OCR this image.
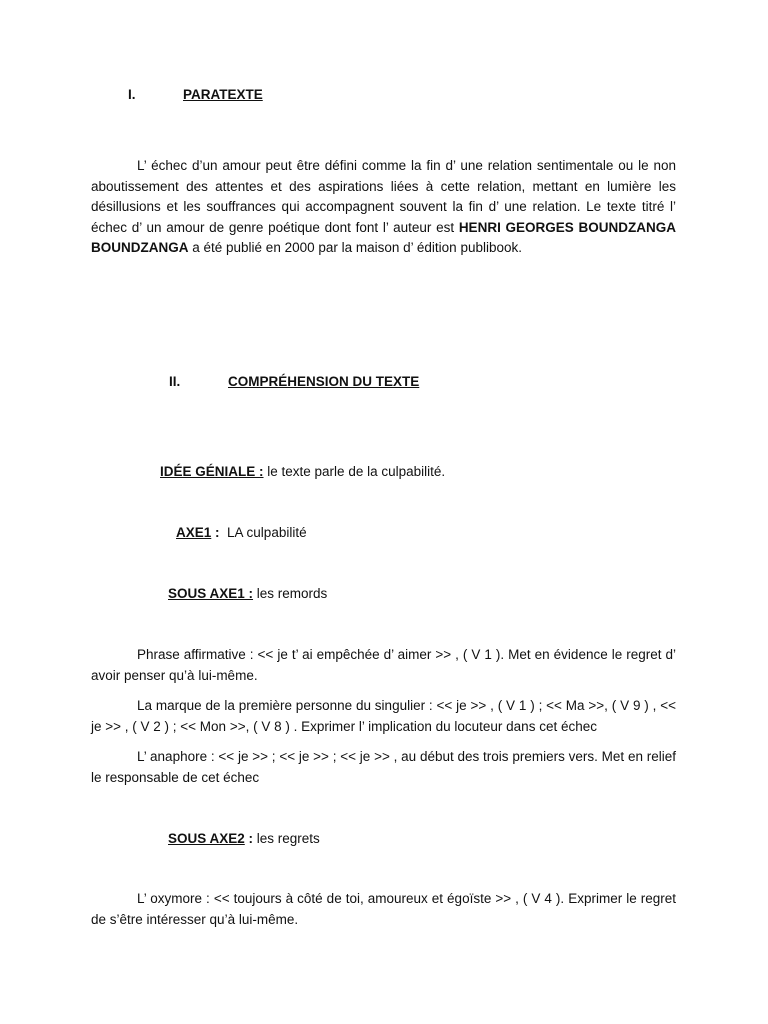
I.	PARATEXTE

L’ échec d’un amour peut être défini comme la fin d’ une relation sentimentale ou le non aboutissement des attentes et des aspirations liées à cette relation, mettant en lumière les désillusions et les souffrances qui accompagnent souvent la fin d’ une relation. Le texte titré l’ échec d’ un amour de genre poétique dont font l’ auteur est HENRI GEORGES BOUNDZANGA BOUNDZANGA a été publié en 2000 par la maison d’ édition publibook.

II.	COMPRÉHENSION DU TEXTE
IDÉE GÉNIALE : le texte parle de la culpabilité.
AXE1 :  LA culpabilité
SOUS AXE1 : les remords

Phrase affirmative : << je t’ ai empêchée d’ aimer >> , ( V 1 ). Met en évidence le regret d’ avoir penser qu’à lui-même.

La marque de la première personne du singulier : << je >> , ( V 1 ) ; << Ma >>, ( V 9 ) , << je >> , ( V 2 ) ; << Mon >>, ( V 8 ) . Exprimer l’ implication du locuteur dans cet échec

L’ anaphore : << je >> ; << je >> ; << je >> , au début des trois premiers vers. Met en relief le responsable de cet échec

SOUS AXE2 : les regrets

L’ oxymore : << toujours à côté de toi, amoureux et égoïste >> , ( V 4 ). Exprimer le regret de s’être intéresser qu’à lui-même.
